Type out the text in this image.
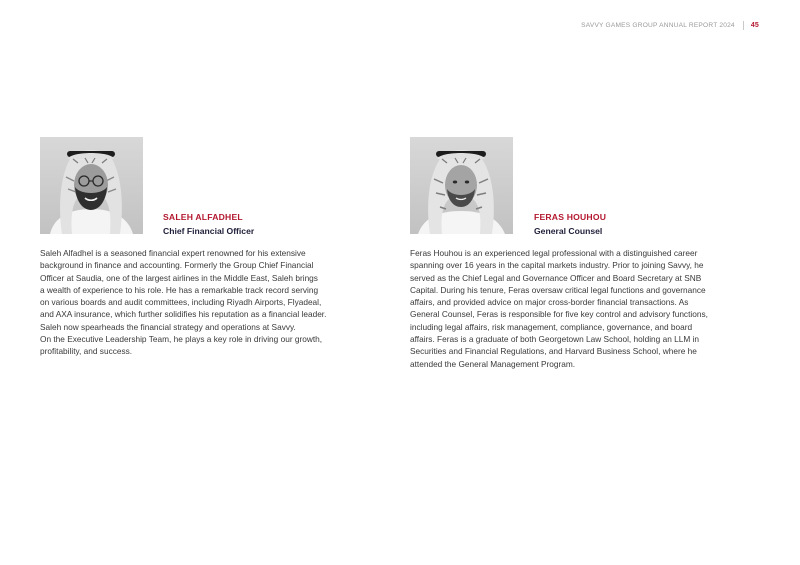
SAVVY GAMES GROUP ANNUAL REPORT 2024 45
SALEH ALFADHEL
Chief Financial Officer
Saleh Alfadhel is a seasoned financial expert renowned for his extensive
background in finance and accounting. Formerly the Group Chief Financial
Officer at Saudia, one of the largest airlines in the Middle East, Saleh brings
a wealth of experience to his role. He has a remarkable track record serving
on various boards and audit committees, including Riyadh Airports, Flyadeal,
and AXA insurance, which further solidifies his reputation as a financial leader.
Saleh now spearheads the financial strategy and operations at Savvy.
On the Executive Leadership Team, he plays a key role in driving our growth,
profitability, and success.
FERAS HOUHOU
General Counsel
Feras Houhou is an experienced legal professional with a distinguished career
spanning over 16 years in the capital markets industry. Prior to joining Savvy, he
served as the Chief Legal and Governance Officer and Board Secretary at SNB
Capital. During his tenure, Feras oversaw critical legal functions and governance
affairs, and provided advice on major cross-border financial transactions. As
General Counsel, Feras is responsible for five key control and advisory functions,
including legal affairs, risk management, compliance, governance, and board
affairs. Feras is a graduate of both Georgetown Law School, holding an LLM in
Securities and Financial Regulations, and Harvard Business School, where he
attended the General Management Program.
